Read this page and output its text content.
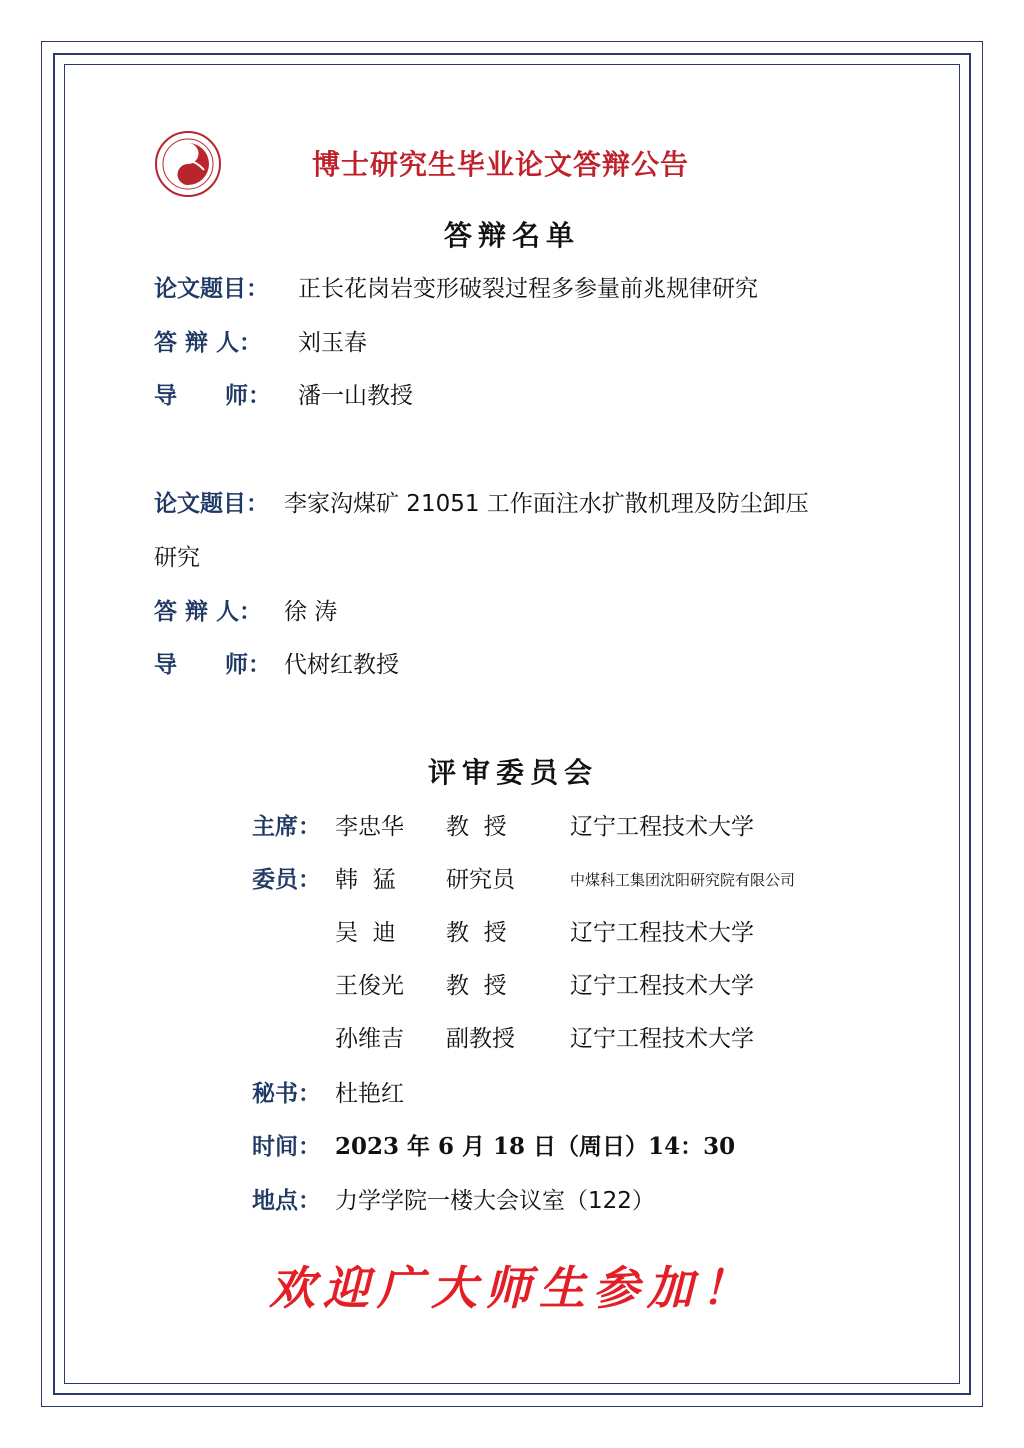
博士研究生毕业论文答辩公告
答辩名单
论文题目： 正长花岗岩变形破裂过程多参量前兆规律研究
答 辩 人： 刘玉春
导      师： 潘一山教授
论文题目： 李家沟煤矿 21051 工作面注水扩散机理及防尘卸压
研究
答 辩 人： 徐 涛
导      师： 代树红教授
评审委员会
主席： 李忠华 教  授	辽宁工程技术大学
委员： 韩  猛 研究员	中煤科工集团沈阳研究院有限公司
吴  迪 教  授	辽宁工程技术大学
王俊光 教  授	辽宁工程技术大学
孙维吉 副教授 辽宁工程技术大学
秘书： 杜艳红
时间： 2023 年 6 月 18 日（周日）14：30
地点： 力学学院一楼大会议室（122）
欢迎广大师生参加！
